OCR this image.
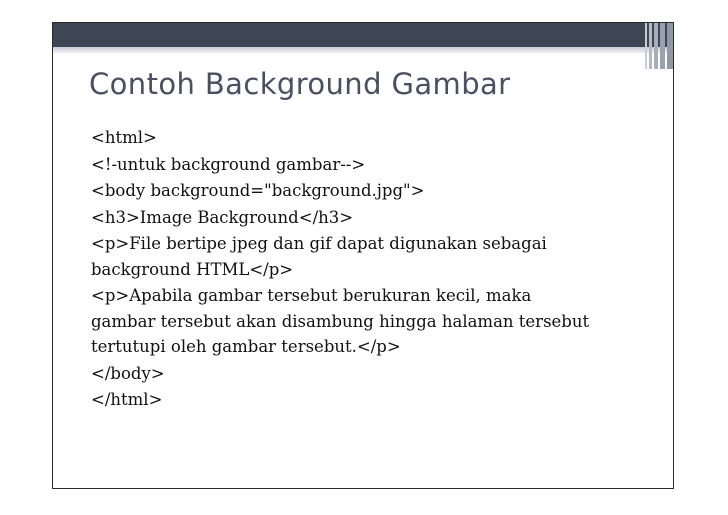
Contoh Background Gambar
<html>
<!-untuk background gambar-->
<body background="background.jpg">
<h3>Image Background</h3>
<p>File bertipe jpeg dan gif dapat digunakan sebagai
background HTML</p>
<p>Apabila gambar tersebut berukuran kecil, maka
gambar tersebut akan disambung hingga halaman tersebut
tertutupi oleh gambar tersebut.</p>
</body>
</html>
